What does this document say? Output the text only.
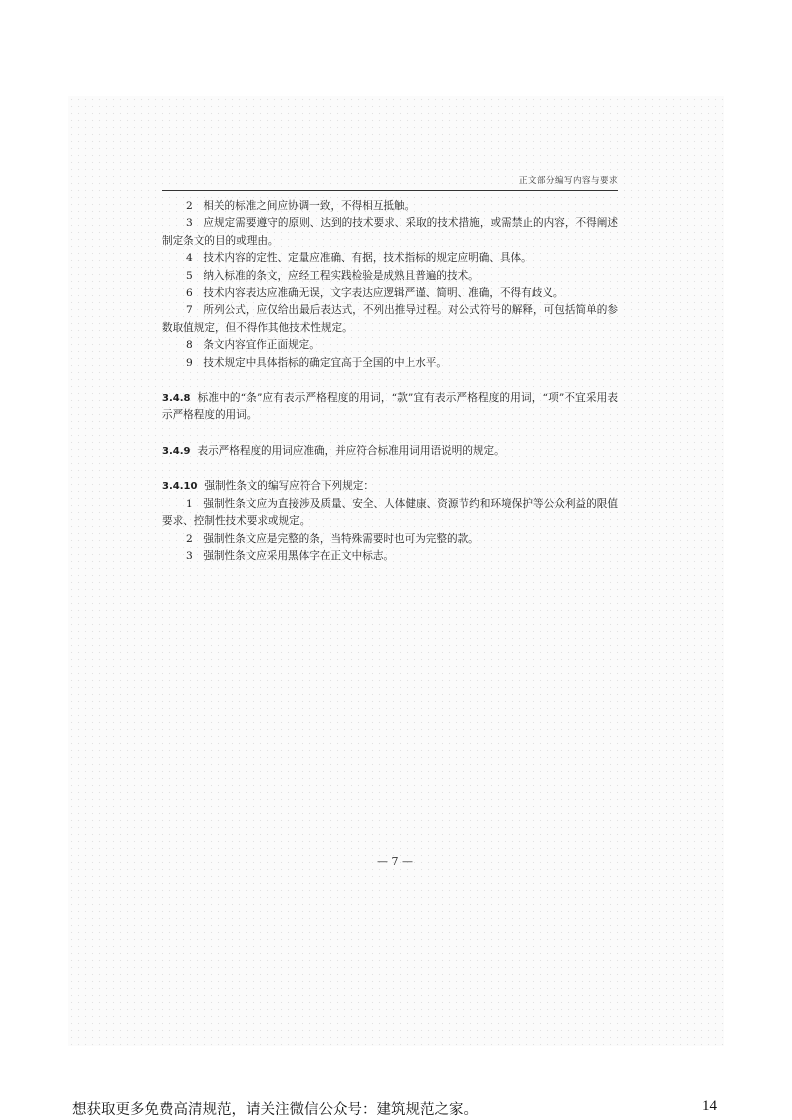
正文部分编写内容与要求

2　相关的标准之间应协调一致，不得相互抵触。

3　应规定需要遵守的原则、达到的技术要求、采取的技术措施，或需禁止的内容，不得阐述制定条文的目的或理由。

4　技术内容的定性、定量应准确、有据，技术指标的规定应明确、具体。

5　纳入标准的条文，应经工程实践检验是成熟且普遍的技术。

6　技术内容表达应准确无误，文字表达应逻辑严谨、简明、准确，不得有歧义。

7　所列公式，应仅给出最后表达式，不列出推导过程。对公式符号的解释，可包括简单的参数取值规定，但不得作其他技术性规定。

8　条文内容宜作正面规定。

9　技术规定中具体指标的确定宜高于全国的中上水平。

3.4.8 标准中的“条”应有表示严格程度的用词，“款”宜有表示严格程度的用词，“项”不宜采用表示严格程度的用词。

3.4.9 表示严格程度的用词应准确，并应符合标准用词用语说明的规定。

3.4.10 强制性条文的编写应符合下列规定：

1　强制性条文应为直接涉及质量、安全、人体健康、资源节约和环境保护等公众利益的限值要求、控制性技术要求或规定。

2　强制性条文应是完整的条，当特殊需要时也可为完整的款。

3　强制性条文应采用黑体字在正文中标志。

— 7 —
想获取更多免费高清规范，请关注微信公众号：建筑规范之家。	14
